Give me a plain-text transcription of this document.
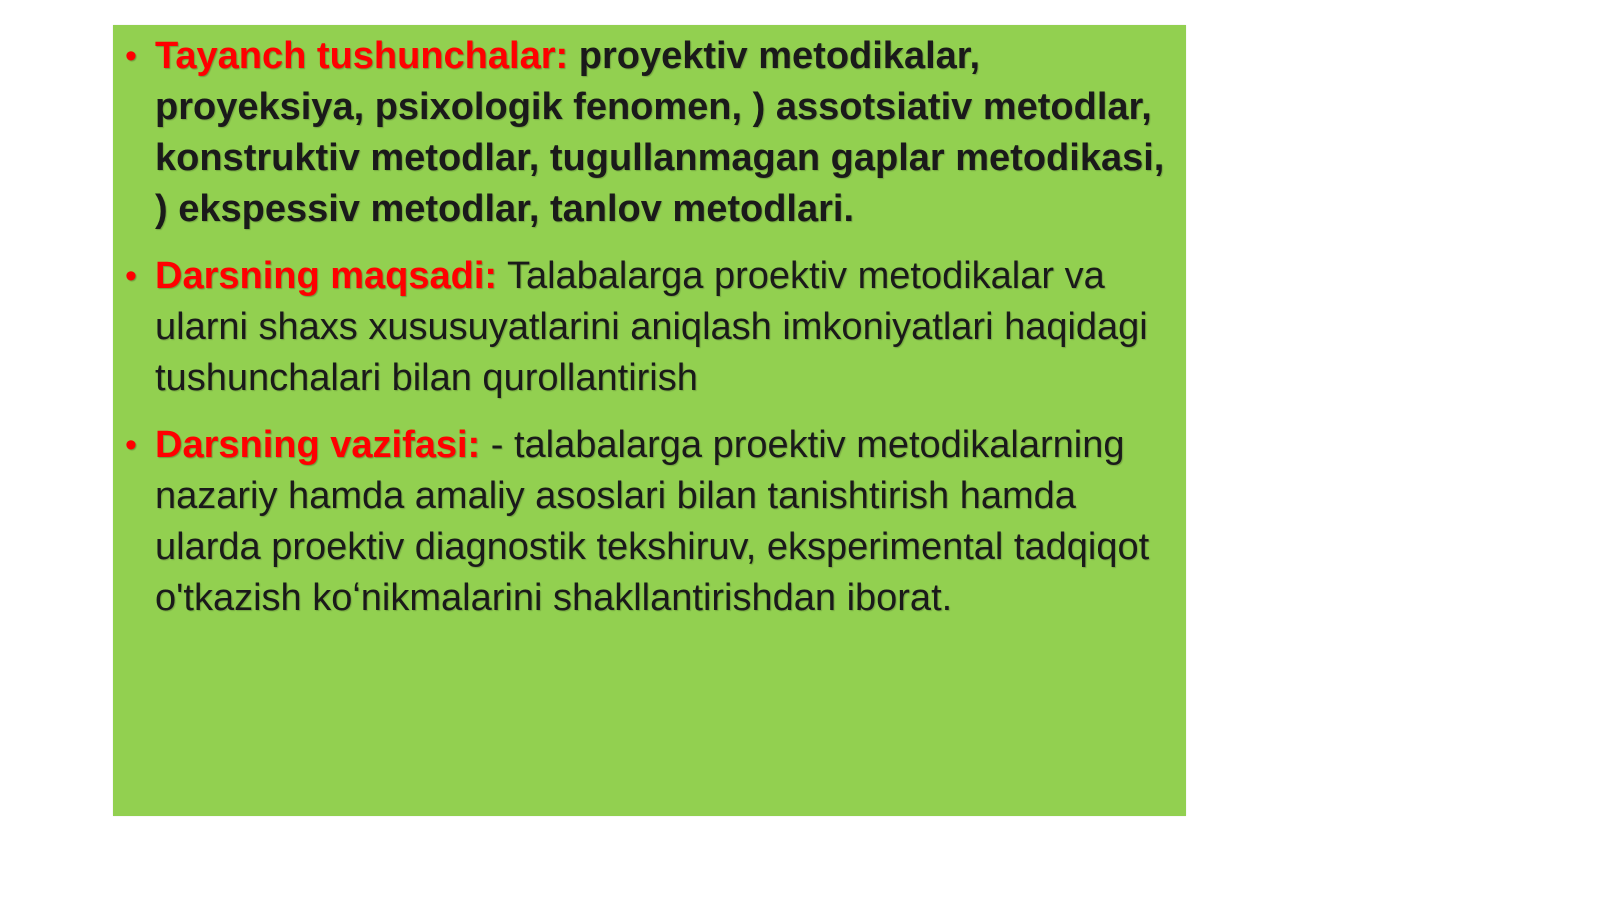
• Tayanch tushunchalar: proyektiv metodikalar, proyeksiya, psixologik fenomen, ) assotsiativ metodlar, konstruktiv metodlar, tugullanmagan gaplar metodikasi, ) ekspessiv metodlar, tanlov metodlari.
• Darsning maqsadi: Talabalarga proektiv metodikalar va ularni shaxs xususuyatlarini aniqlash imkoniyatlari haqidagi tushunchalari bilan qurollantirish
• Darsning vazifasi: - talabalarga proektiv metodikalarning nazariy hamda amaliy asoslari bilan tanishtirish hamda ularda proektiv diagnostik tekshiruv, eksperimental tadqiqot o'tkazish koʻnikmalarini shakllantirishdan iborat.
